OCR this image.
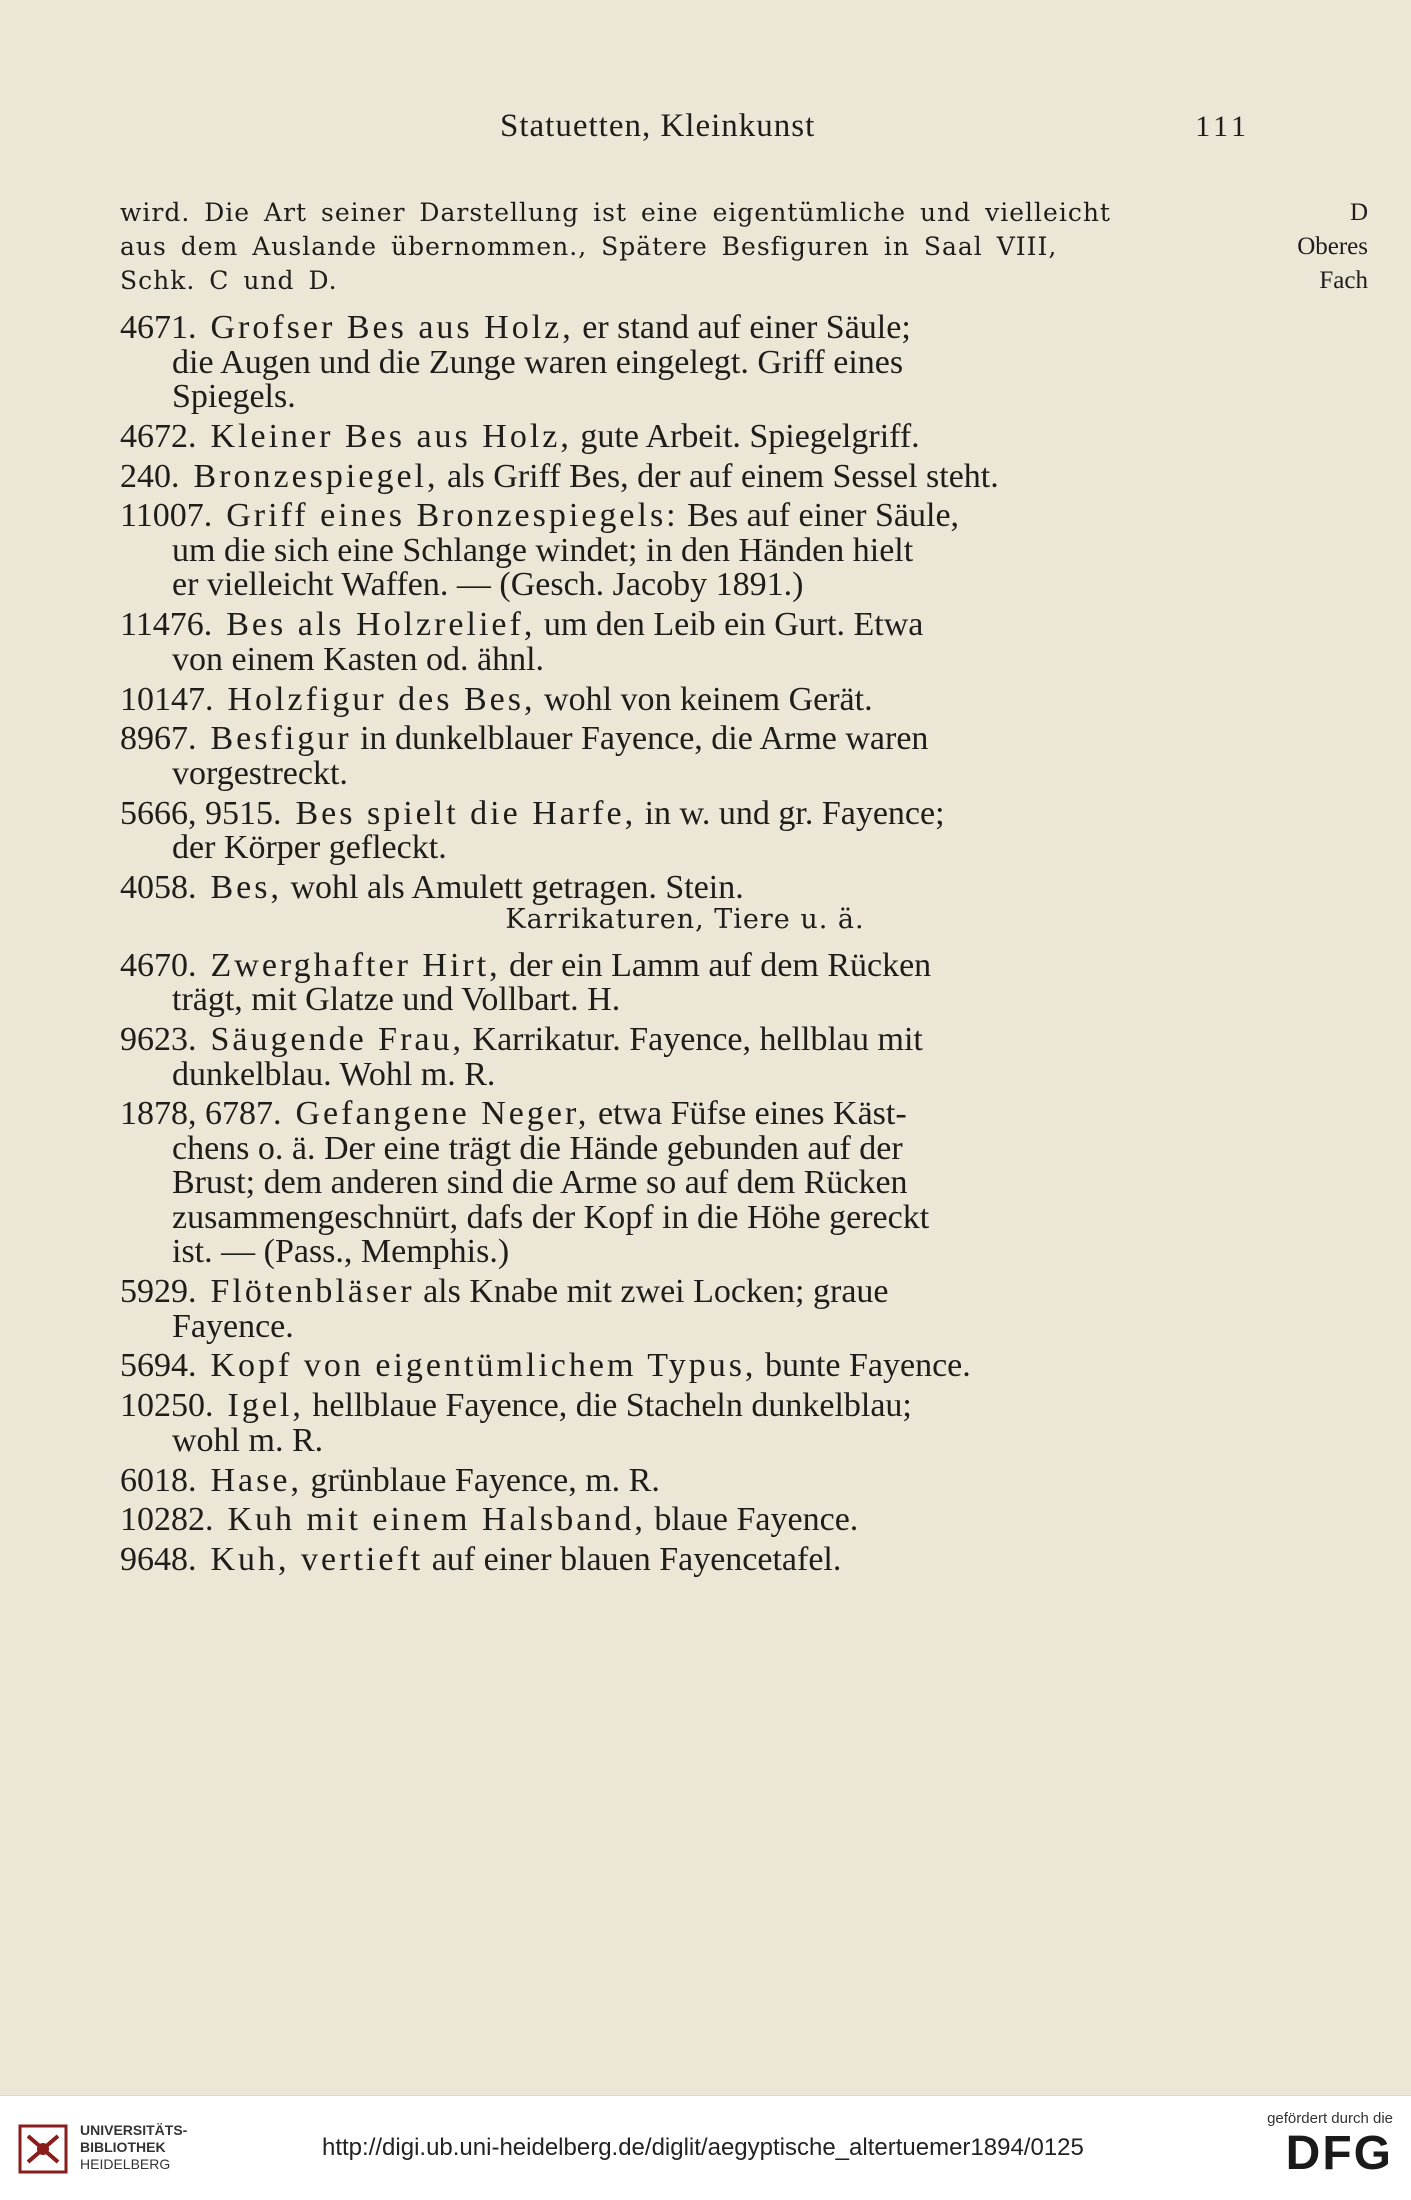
Statuetten, Kleinkunst	111
wird. Die Art seiner Darstellung ist eine eigentümliche und vielleicht
aus dem Auslande übernommen., Spätere Besfiguren in Saal VIII,
Schk. C und D.
D
Oberes
Fach
4671. Grofser Bes aus Holz, er stand auf einer Säule;
die Augen und die Zunge waren eingelegt. Griff eines
Spiegels.
4672. Kleiner Bes aus Holz, gute Arbeit. Spiegelgriff.
240. Bronzespiegel, als Griff Bes, der auf einem Sessel steht.
11007. Griff eines Bronzespiegels: Bes auf einer Säule,
um die sich eine Schlange windet; in den Händen hielt
er vielleicht Waffen. — (Gesch. Jacoby 1891.)
11476. Bes als Holzrelief, um den Leib ein Gurt. Etwa
von einem Kasten od. ähnl.
10147. Holzfigur des Bes, wohl von keinem Gerät.
8967. Besfigur in dunkelblauer Fayence, die Arme waren
vorgestreckt.
5666, 9515. Bes spielt die Harfe, in w. und gr. Fayence;
der Körper gefleckt.
4058. Bes, wohl als Amulett getragen. Stein.
Karrikaturen, Tiere u. ä.
4670. Zwerghafter Hirt, der ein Lamm auf dem Rücken
trägt, mit Glatze und Vollbart. H.
9623. Säugende Frau, Karrikatur. Fayence, hellblau mit
dunkelblau. Wohl m. R.
1878, 6787. Gefangene Neger, etwa Füfse eines Käst-
chens o. ä. Der eine trägt die Hände gebunden auf der
Brust; dem anderen sind die Arme so auf dem Rücken
zusammengeschnürt, dafs der Kopf in die Höhe gereckt
ist. — (Pass., Memphis.)
5929. Flötenbläser als Knabe mit zwei Locken; graue
Fayence.
5694. Kopf von eigentümlichem Typus, bunte Fayence.
10250. Igel, hellblaue Fayence, die Stacheln dunkelblau;
wohl m. R.
6018. Hase, grünblaue Fayence, m. R.
10282. Kuh mit einem Halsband, blaue Fayence.
9648. Kuh, vertieft auf einer blauen Fayencetafel.
UNIVERSITÄTS-
BIBLIOTHEK
HEIDELBERG
http://digi.ub.uni-heidelberg.de/diglit/aegyptische_altertuemer1894/0125
gefördert durch die
DFG
